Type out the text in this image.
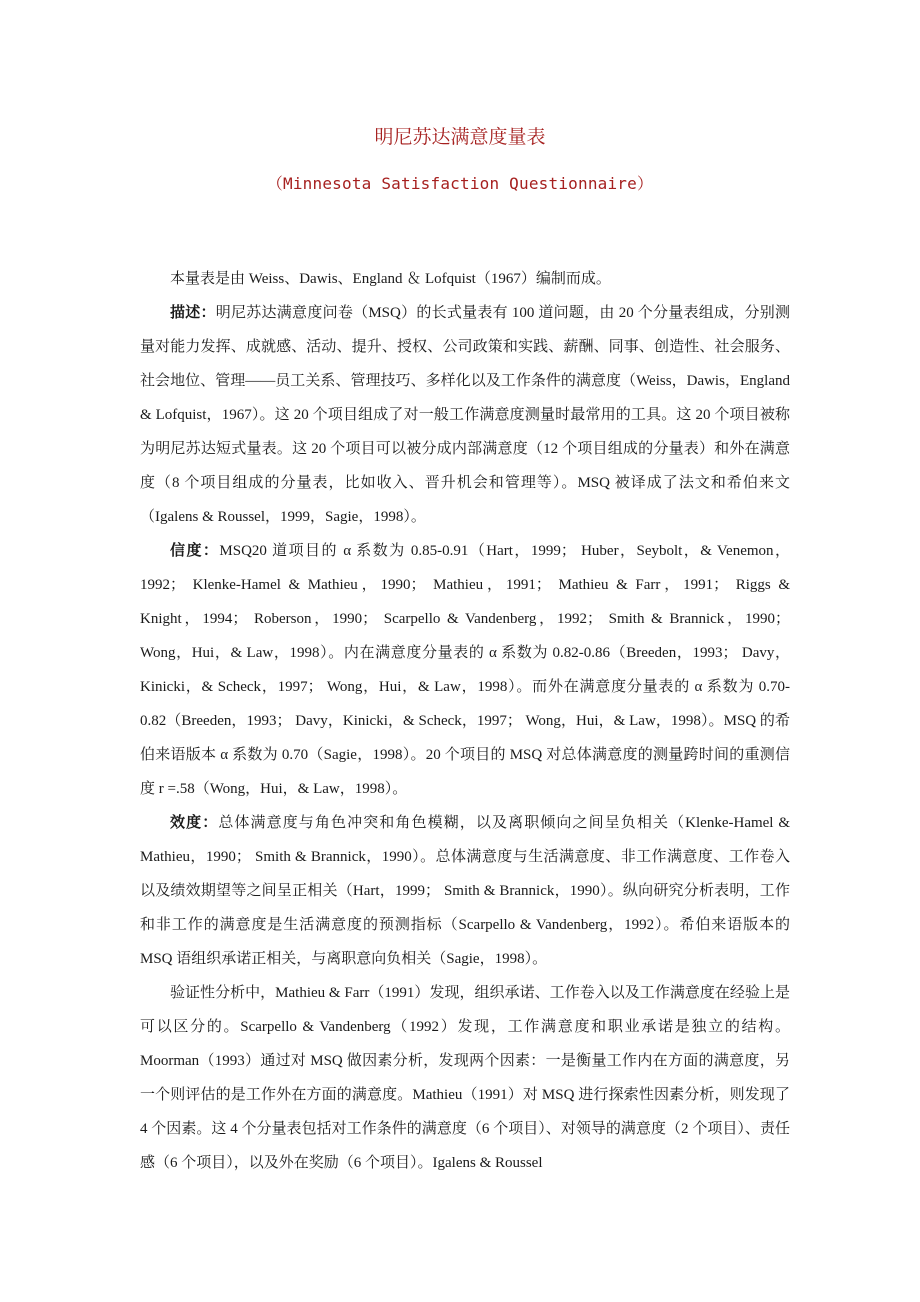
明尼苏达满意度量表
（Minnesota Satisfaction Questionnaire）

本量表是由 Weiss、Dawis、England ＆ Lofquist（1967）编制而成。

描述：明尼苏达满意度问卷（MSQ）的长式量表有 100 道问题，由 20 个分量表组成，分别测量对能力发挥、成就感、活动、提升、授权、公司政策和实践、薪酬、同事、创造性、社会服务、社会地位、管理——员工关系、管理技巧、多样化以及工作条件的满意度（Weiss，Dawis，England & Lofquist，1967）。这 20 个项目组成了对一般工作满意度测量时最常用的工具。这 20 个项目被称为明尼苏达短式量表。这 20 个项目可以被分成内部满意度（12 个项目组成的分量表）和外在满意度（8 个项目组成的分量表，比如收入、晋升机会和管理等）。MSQ 被译成了法文和希伯来文（Igalens & Roussel，1999，Sagie，1998）。

信度：MSQ20 道项目的 α 系数为 0.85-0.91（Hart，1999； Huber，Seybolt，& Venemon，1992； Klenke-Hamel & Mathieu，1990； Mathieu，1991； Mathieu & Farr，1991； Riggs & Knight，1994； Roberson，1990； Scarpello & Vandenberg，1992； Smith & Brannick，1990；Wong，Hui，& Law，1998）。内在满意度分量表的 α 系数为 0.82-0.86（Breeden，1993； Davy，Kinicki，& Scheck，1997； Wong，Hui，& Law，1998）。而外在满意度分量表的 α 系数为 0.70-0.82（Breeden，1993； Davy，Kinicki，& Scheck，1997； Wong，Hui，& Law，1998）。MSQ 的希伯来语版本 α 系数为 0.70（Sagie，1998）。20 个项目的 MSQ 对总体满意度的测量跨时间的重测信度 r =.58（Wong，Hui，& Law，1998）。

效度：总体满意度与角色冲突和角色模糊，以及离职倾向之间呈负相关（Klenke-Hamel & Mathieu，1990； Smith & Brannick，1990）。总体满意度与生活满意度、非工作满意度、工作卷入以及绩效期望等之间呈正相关（Hart，1999； Smith & Brannick，1990）。纵向研究分析表明，工作和非工作的满意度是生活满意度的预测指标（Scarpello & Vandenberg，1992）。希伯来语版本的 MSQ 语组织承诺正相关，与离职意向负相关（Sagie，1998）。

验证性分析中，Mathieu & Farr（1991）发现，组织承诺、工作卷入以及工作满意度在经验上是可以区分的。Scarpello & Vandenberg（1992）发现，工作满意度和职业承诺是独立的结构。Moorman（1993）通过对 MSQ 做因素分析，发现两个因素：一是衡量工作内在方面的满意度，另一个则评估的是工作外在方面的满意度。Mathieu（1991）对 MSQ 进行探索性因素分析，则发现了 4 个因素。这 4 个分量表包括对工作条件的满意度（6 个项目）、对领导的满意度（2 个项目）、责任感（6 个项目），以及外在奖励（6 个项目）。Igalens & Roussel
